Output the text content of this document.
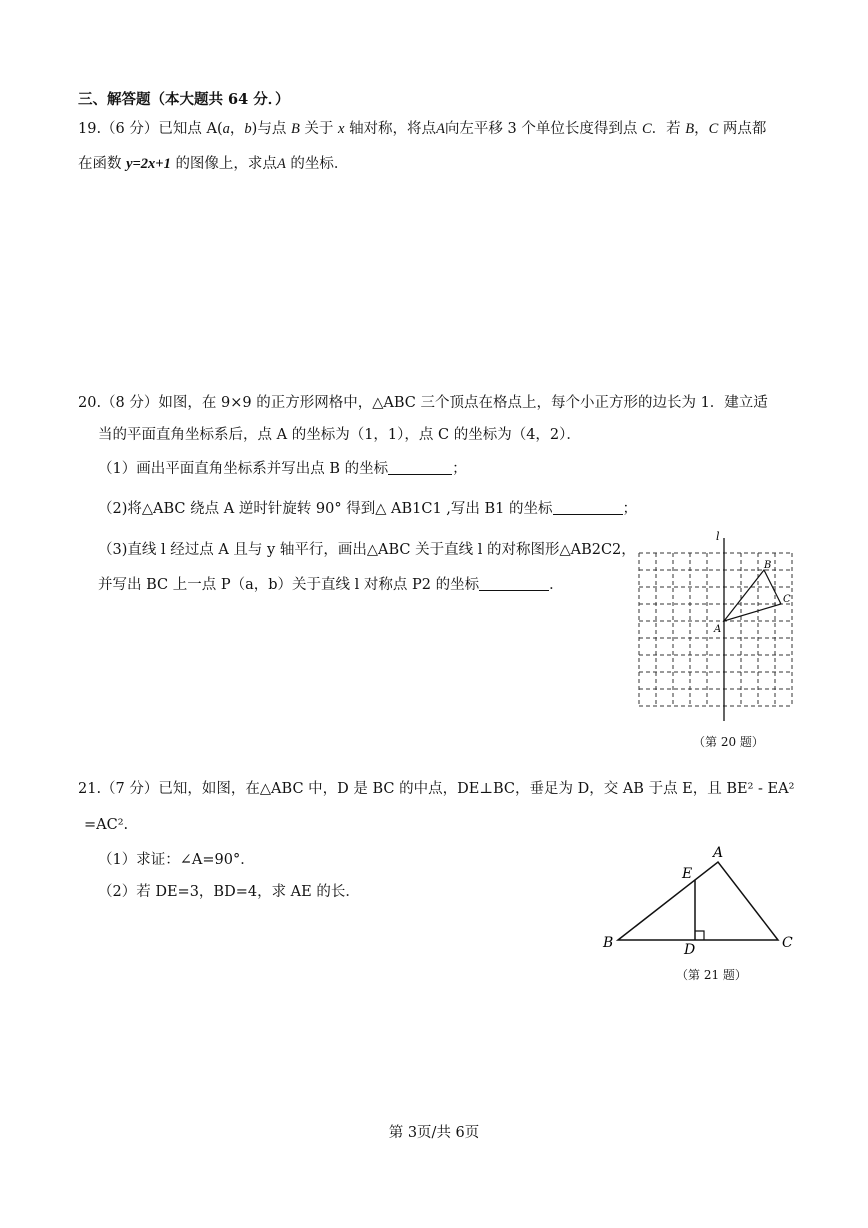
三、解答题（本大题共 64 分．）
19.（6 分）已知点 A(a，b)与点 B 关于 x 轴对称，将点A向左平移 3 个单位长度得到点 C．若 B，C 两点都
在函数 y=2x+1 的图像上，求点A 的坐标．
20.（8 分）如图，在 9×9 的正方形网格中，△ABC 三个顶点在格点上，每个小正方形的边长为 1．建立适
当的平面直角坐标系后，点 A 的坐标为（1，1），点 C 的坐标为（4，2）．
（1）画出平面直角坐标系并写出点 B 的坐标	；
（2)将△ABC 绕点 A 逆时针旋转 90° 得到△ AB1C1 ,写出 B1 的坐标	；
（3)直线 l 经过点 A 且与 y 轴平行，画出△ABC 关于直线 l 的对称图形△AB2C2，
并写出 BC 上一点 P（a，b）关于直线 l 对称点 P2 的坐标	．
l
A
B
C
（第 20 题）
21.（7 分）已知，如图，在△ABC 中，D 是 BC 的中点，DE⊥BC，垂足为 D，交 AB 于点 E，且 BE² - EA²
=AC².
（1）求证：∠A=90°．
（2）若 DE=3，BD=4，求 AE 的长．
A
B	C
D
E
（第 21 题）
第 3页/共 6页
